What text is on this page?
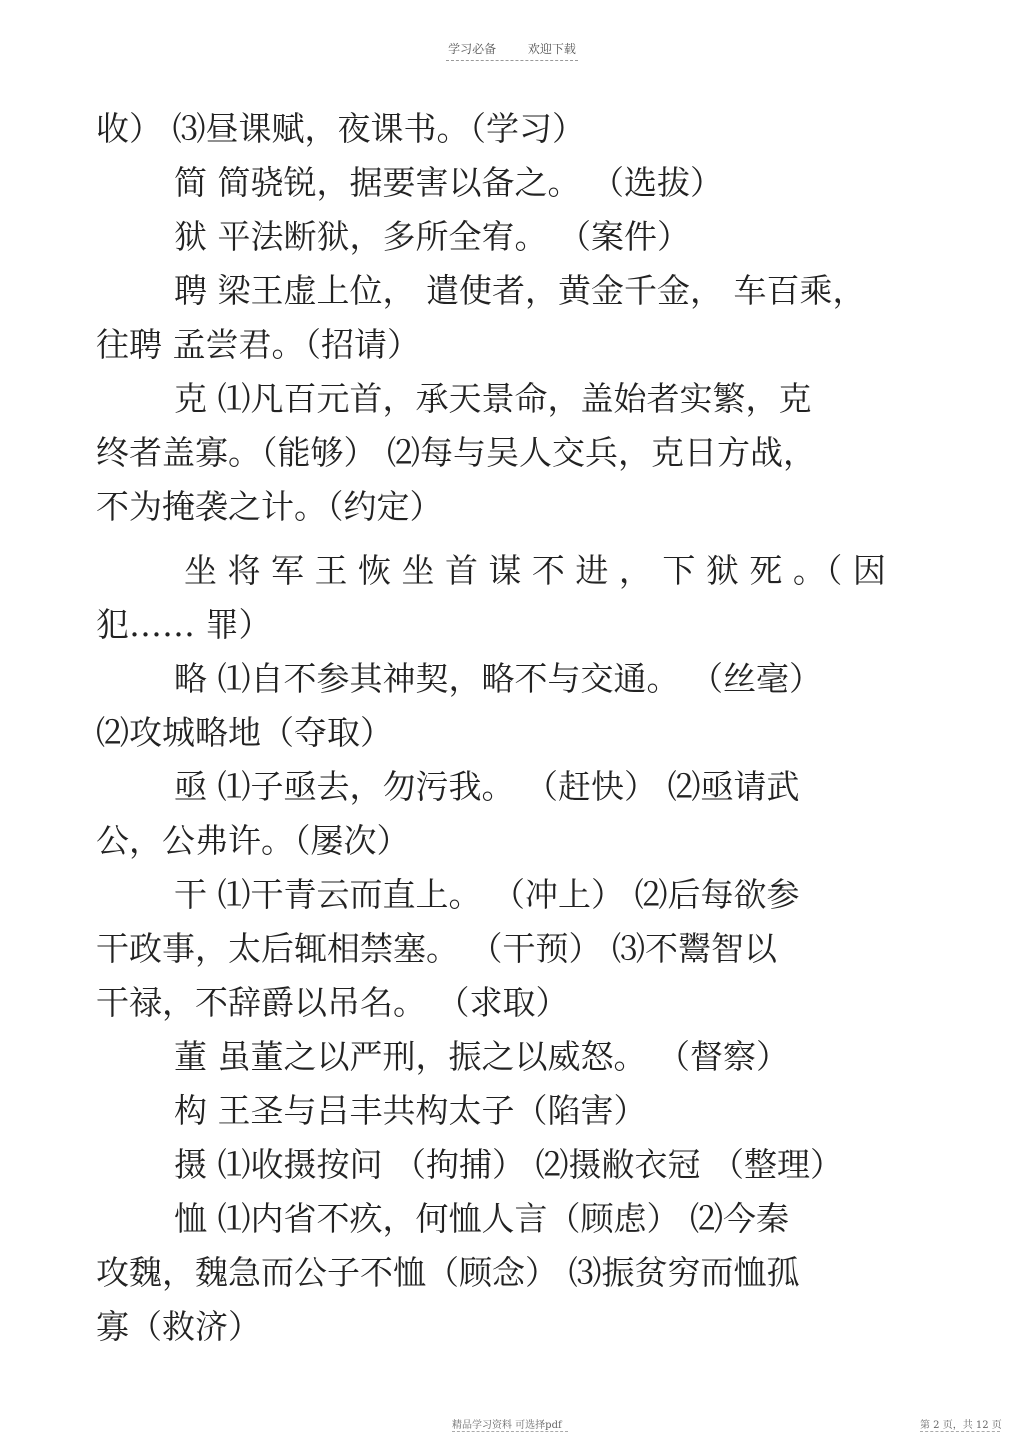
学习必备	欢迎下载
收） ⑶昼课赋，夜课书。（学习）
简 简骁锐，据要害以备之。 （选拔）
狱 平法断狱，多所全宥。 （案件）
聘 梁王虚上位， 遣使者，黄金千金， 车百乘，
往聘 孟尝君。（招请）
克 ⑴凡百元首，承天景命，盖始者实繁，克
终者盖寡。（能够） ⑵每与吴人交兵，克日方战，
不为掩袭之计。（约定）
坐 将 军 王 恢 坐 首 谋 不 进 ， 下 狱 死 。（ 因
犯…… 罪）
略 ⑴自不参其神契，略不与交通。 （丝毫）
⑵攻城略地（夺取）
亟 ⑴子亟去，勿污我。 （赶快） ⑵亟请武
公，公弗许。（屡次）
干 ⑴干青云而直上。 （冲上） ⑵后每欲参
干政事，太后辄相禁塞。 （干预） ⑶不鬻智以
干禄，不辞爵以吊名。 （求取）
董 虽董之以严刑，振之以威怒。 （督察）
构 王圣与吕丰共构太子（陷害）
摄 ⑴收摄按问 （拘捕） ⑵摄敝衣冠 （整理）
恤 ⑴内省不疚，何恤人言（顾虑） ⑵今秦
攻魏，魏急而公子不恤（顾念） ⑶振贫穷而恤孤
寡（救济）
精品学习资料 可选择pdf	第 2 页，共 12 页
